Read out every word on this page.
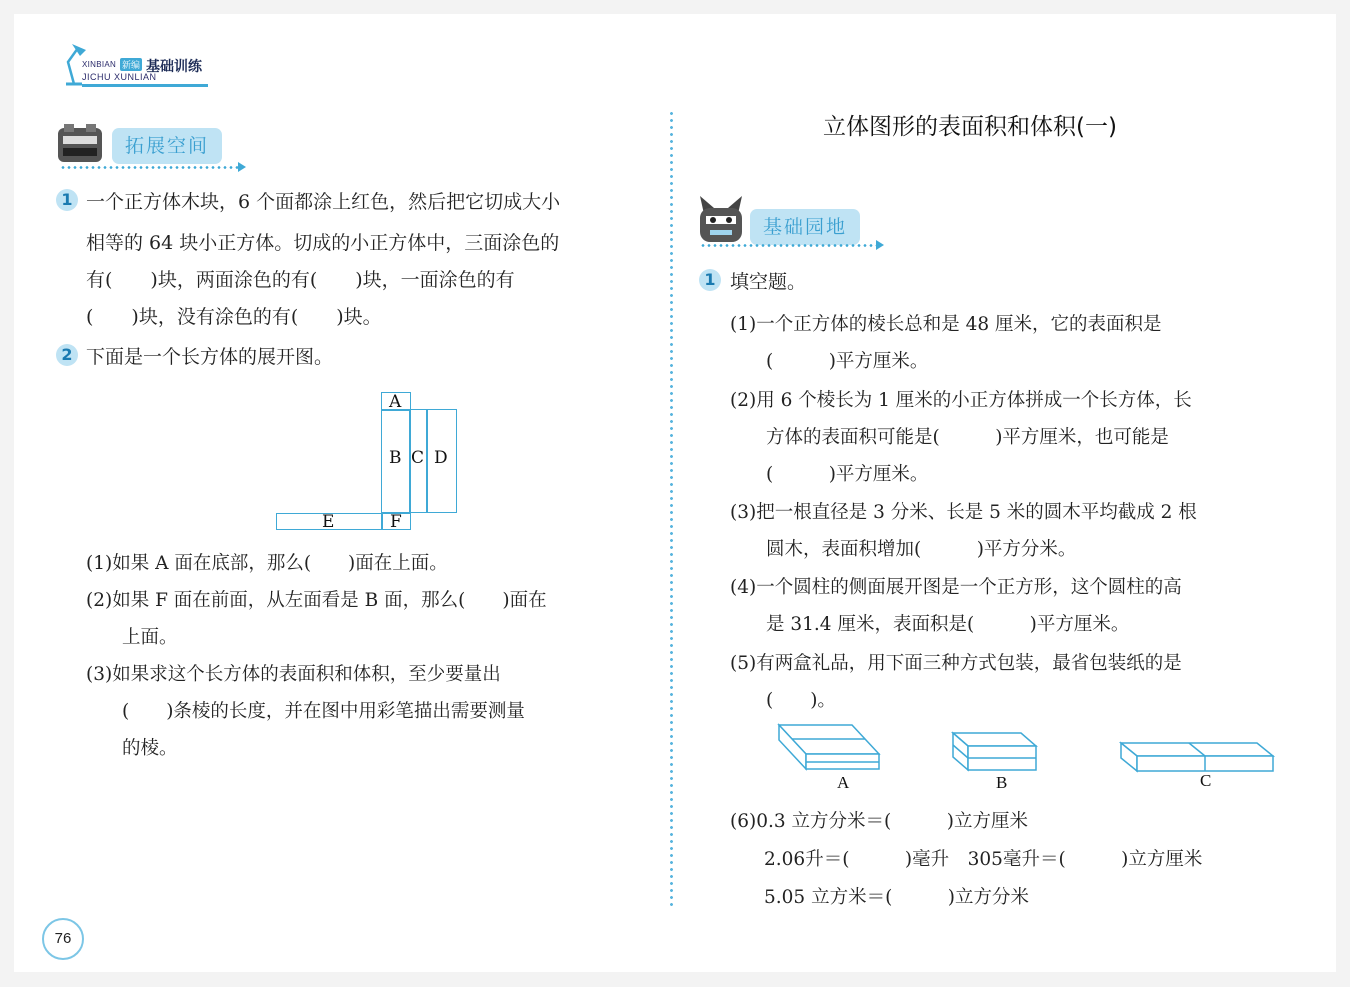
XINBIAN 新编 基础训练
JICHU XUNLIAN
拓展空间
1 一个正方体木块，6 个面都涂上红色，然后把它切成大小
相等的 64 块小正方体。切成的小正方体中，三面涂色的
有(　　)块，两面涂色的有(　　)块，一面涂色的有
(　　)块，没有涂色的有(　　)块。
2 下面是一个长方体的展开图。
A
B C D
E	F
(1)如果 A 面在底部，那么(　　)面在上面。
(2)如果 F 面在前面，从左面看是 B 面，那么(　　)面在
上面。
(3)如果求这个长方体的表面积和体积，至少要量出
(　　)条棱的长度，并在图中用彩笔描出需要测量
的棱。
76
立体图形的表面积和体积(一)
基础园地
1 填空题。
(1)一个正方体的棱长总和是 48 厘米，它的表面积是
(　　　)平方厘米。
(2)用 6 个棱长为 1 厘米的小正方体拼成一个长方体，长
方体的表面积可能是(　　　)平方厘米，也可能是
(　　　)平方厘米。
(3)把一根直径是 3 分米、长是 5 米的圆木平均截成 2 根
圆木，表面积增加(　　　)平方分米。
(4)一个圆柱的侧面展开图是一个正方形，这个圆柱的高
是 31.4 厘米，表面积是(　　　)平方厘米。
(5)有两盒礼品，用下面三种方式包装，最省包装纸的是
(　　)。
A	B	C
(6)0.3 立方分米＝(　　　)立方厘米
2.06升＝(　　　)毫升　305毫升＝(　　　)立方厘米
5.05 立方米＝(　　　)立方分米
